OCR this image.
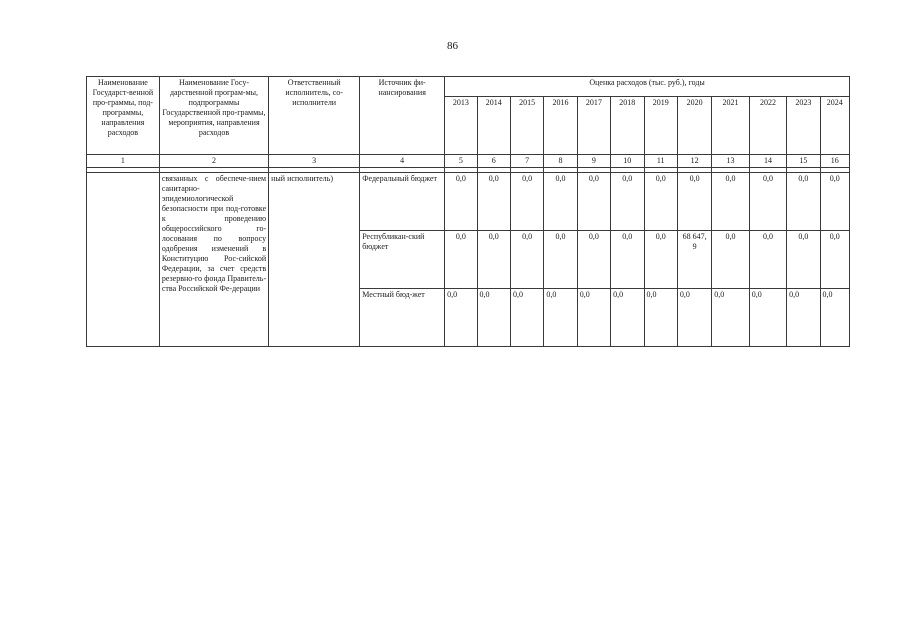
86
Наименование Государст-венной про-граммы, под-программы, направления расходов	Наименование Госу-дарственной програм-мы, подпрограммы Государственной про-граммы, мероприятия, направления расходов	Ответственный исполнитель, со-исполнители	Источник фи-нансирования	Оценка расходов (тыс. руб.), годы											
				2013	2014	2015	2016	2017	2018	2019	2020	2021	2022	2023	2024
1	2	3	4	5	6	7	8	9	10	11	12	13	14	15	16

	связанных с обеспече-нием санитарно-эпидемиологической безопасности при под-готовке к проведению общероссийского го-лосования по вопросу одобрения изменений в Конституцию Рос-сийской Федерации, за счет средств резервно-го фонда Правитель-ства Российской Фе-дерации	ный исполнитель)	Федеральный бюджет	0,0	0,0	0,0	0,0	0,0	0,0	0,0	0,0	0,0	0,0	0,0	0,0
			Республикан-ский бюджет	0,0	0,0	0,0	0,0	0,0	0,0	0,0	68 647, 9	0,0	0,0	0,0	0,0
			Местный бюд-жет	0,0	0,0	0,0	0,0	0,0	0,0	0,0	0,0	0,0	0,0	0,0	0,0
